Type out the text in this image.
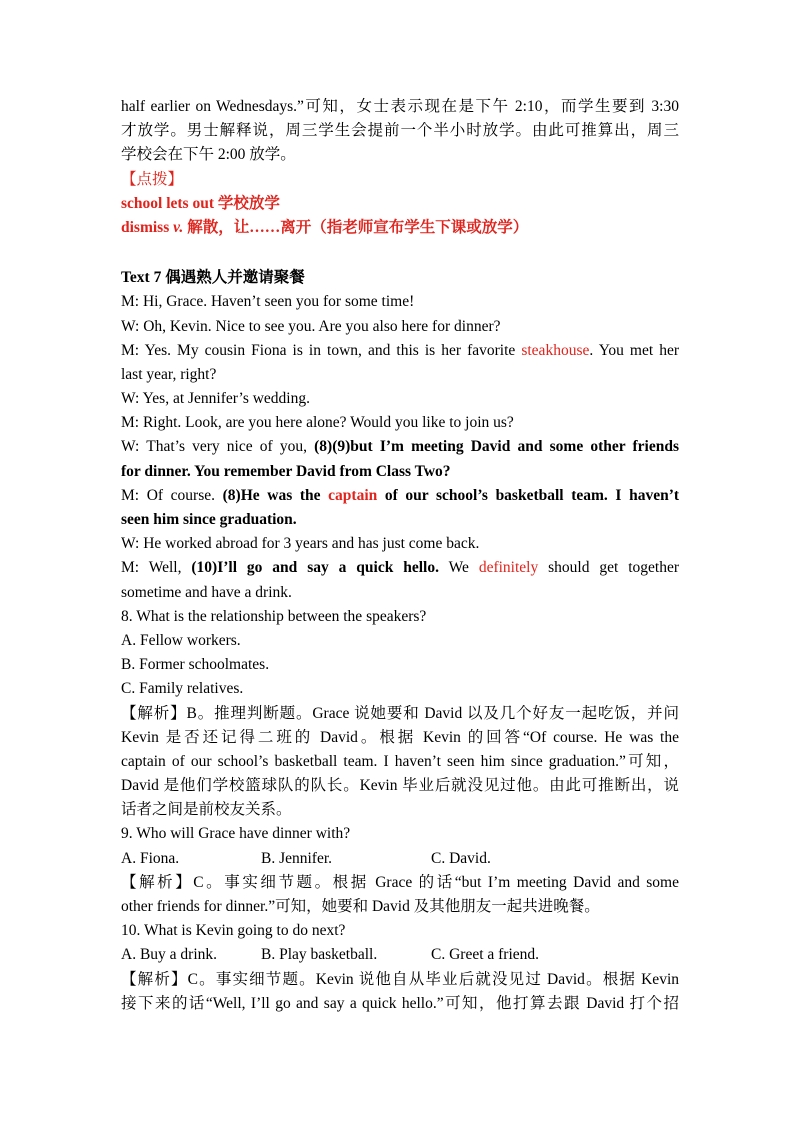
half earlier on Wednesdays.”可知，女士表示现在是下午 2:10，而学生要到 3:30
才放学。男士解释说，周三学生会提前一个半小时放学。由此可推算出，周三
学校会在下午 2:00 放学。
【点拨】
school lets out 学校放学
dismiss v. 解散，让……离开（指老师宣布学生下课或放学）
Text 7 偶遇熟人并邀请聚餐
M: Hi, Grace. Haven’t seen you for some time!
W: Oh, Kevin. Nice to see you. Are you also here for dinner?
M: Yes. My cousin Fiona is in town, and this is her favorite steakhouse. You met her
last year, right?
W: Yes, at Jennifer’s wedding.
M: Right. Look, are you here alone? Would you like to join us?
W: That’s very nice of you, (8)(9)but I’m meeting David and some other friends
for dinner. You remember David from Class Two?
M: Of course. (8)He was the captain of our school’s basketball team. I haven’t
seen him since graduation.
W: He worked abroad for 3 years and has just come back.
M: Well, (10)I’ll go and say a quick hello. We definitely should get together
sometime and have a drink.
8. What is the relationship between the speakers?
A. Fellow workers.
B. Former schoolmates.
C. Family relatives.
【解析】B。推理判断题。Grace 说她要和 David 以及几个好友一起吃饭，并问
Kevin 是否还记得二班的 David。根据 Kevin 的回答“Of course. He was the
captain of our school’s basketball team. I haven’t seen him since graduation.”可知，
David 是他们学校篮球队的队长。Kevin 毕业后就没见过他。由此可推断出，说
话者之间是前校友关系。
9. Who will Grace have dinner with?
A. Fiona.	B. Jennifer.	C. David.
【解析】C。事实细节题。根据 Grace 的话“but I’m meeting David and some
other friends for dinner.”可知，她要和 David 及其他朋友一起共进晚餐。
10. What is Kevin going to do next?
A. Buy a drink.	B. Play basketball.	C. Greet a friend.
【解析】C。事实细节题。Kevin 说他自从毕业后就没见过 David。根据 Kevin
接下来的话“Well, I’ll go and say a quick hello.”可知，他打算去跟 David 打个招
